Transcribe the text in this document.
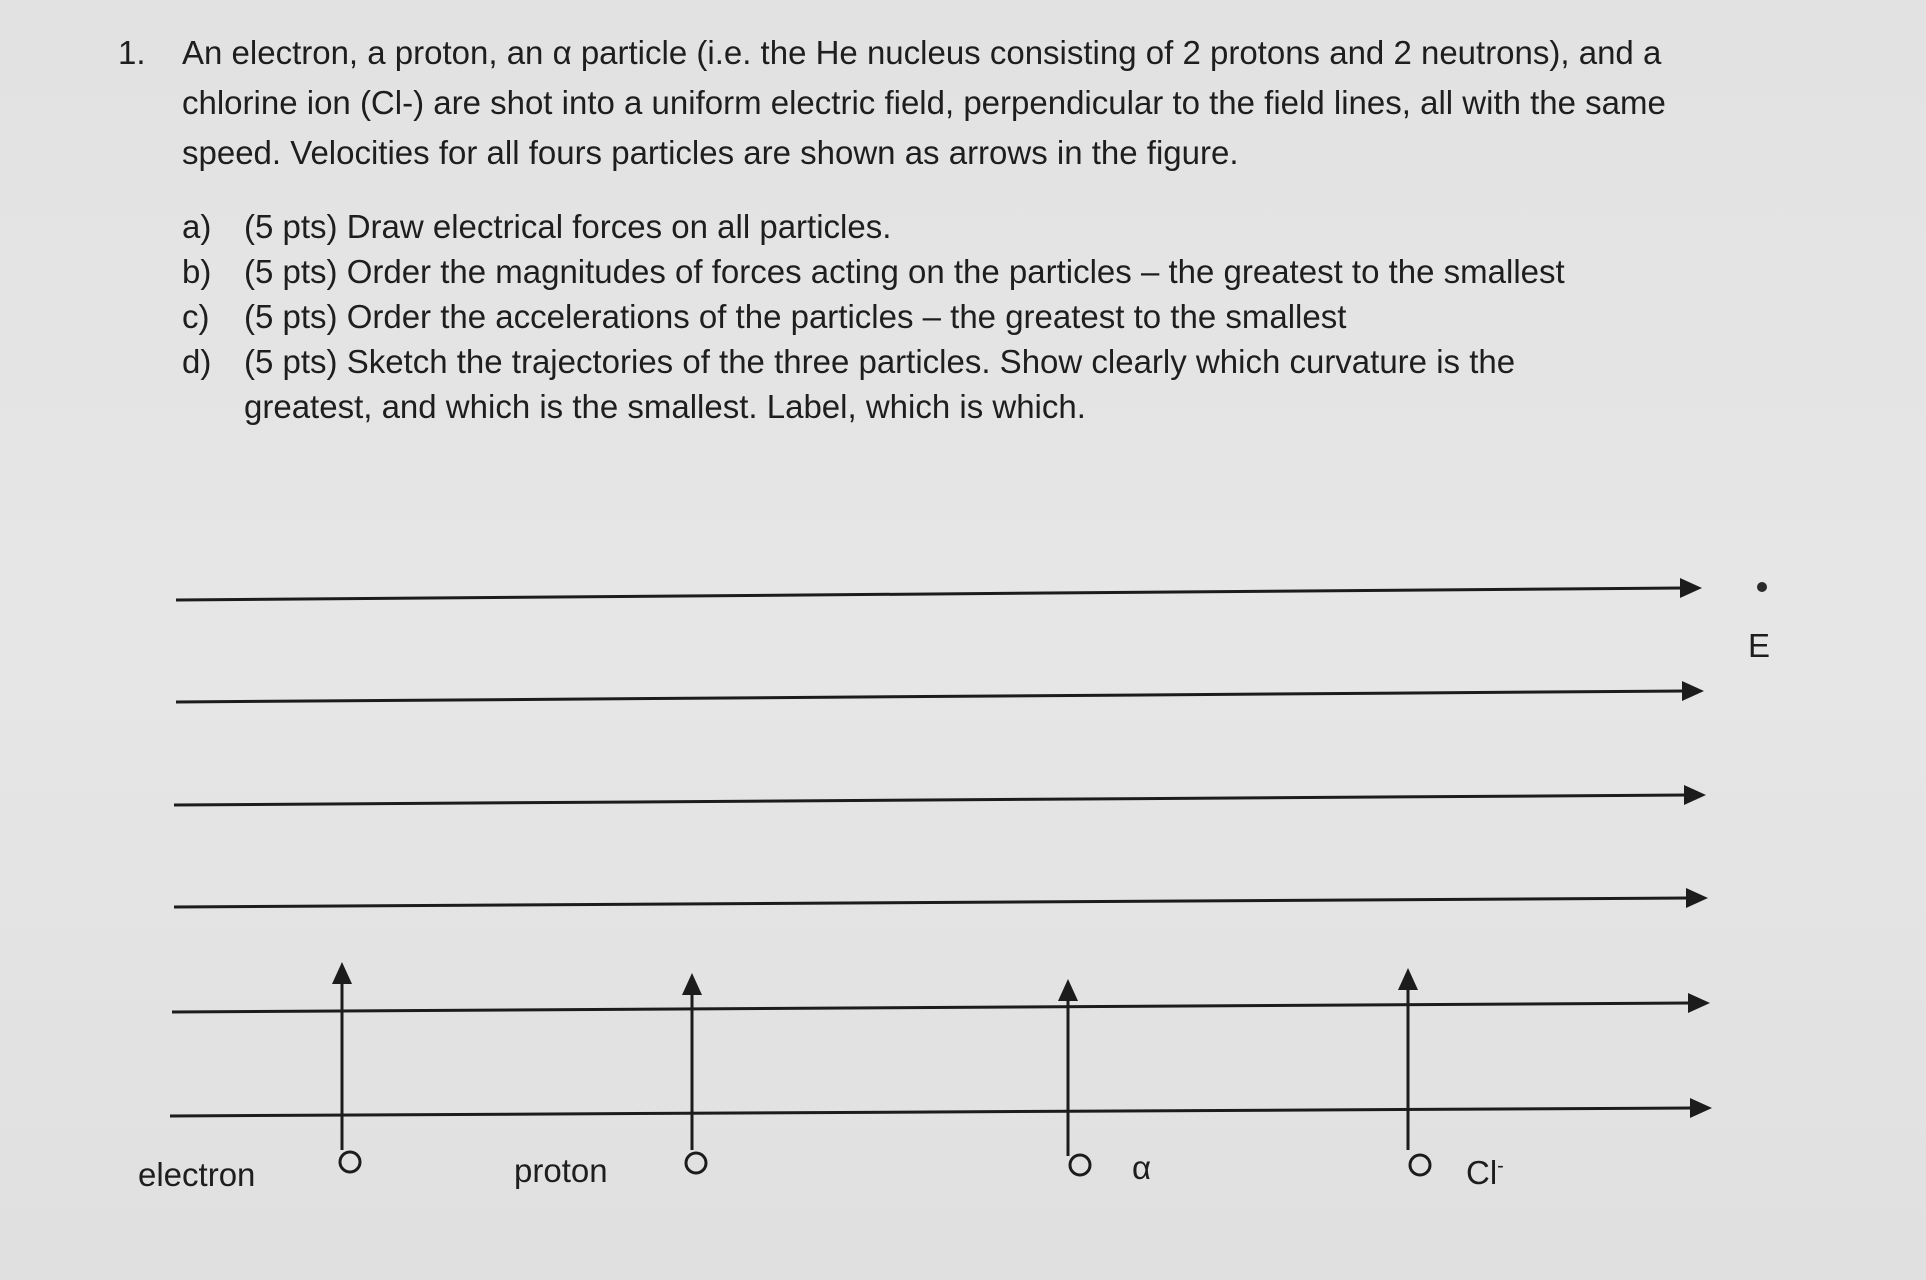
1.	An electron, a proton, an α particle (i.e. the He nucleus consisting of 2 protons and 2 neutrons), and a chlorine ion (Cl-) are shot into a uniform electric field, perpendicular to the field lines, all with the same speed. Velocities for all fours particles are shown as arrows in the figure.
a) (5 pts) Draw electrical forces on all particles.
b) (5 pts) Order the magnitudes of forces acting on the particles – the greatest to the smallest
c)	(5 pts) Order the accelerations of the particles – the greatest to the smallest
d) (5 pts) Sketch the trajectories of the three particles. Show clearly which curvature is the greatest, and which is the smallest. Label, which is which.
E
electron	proton	α	Cl-
